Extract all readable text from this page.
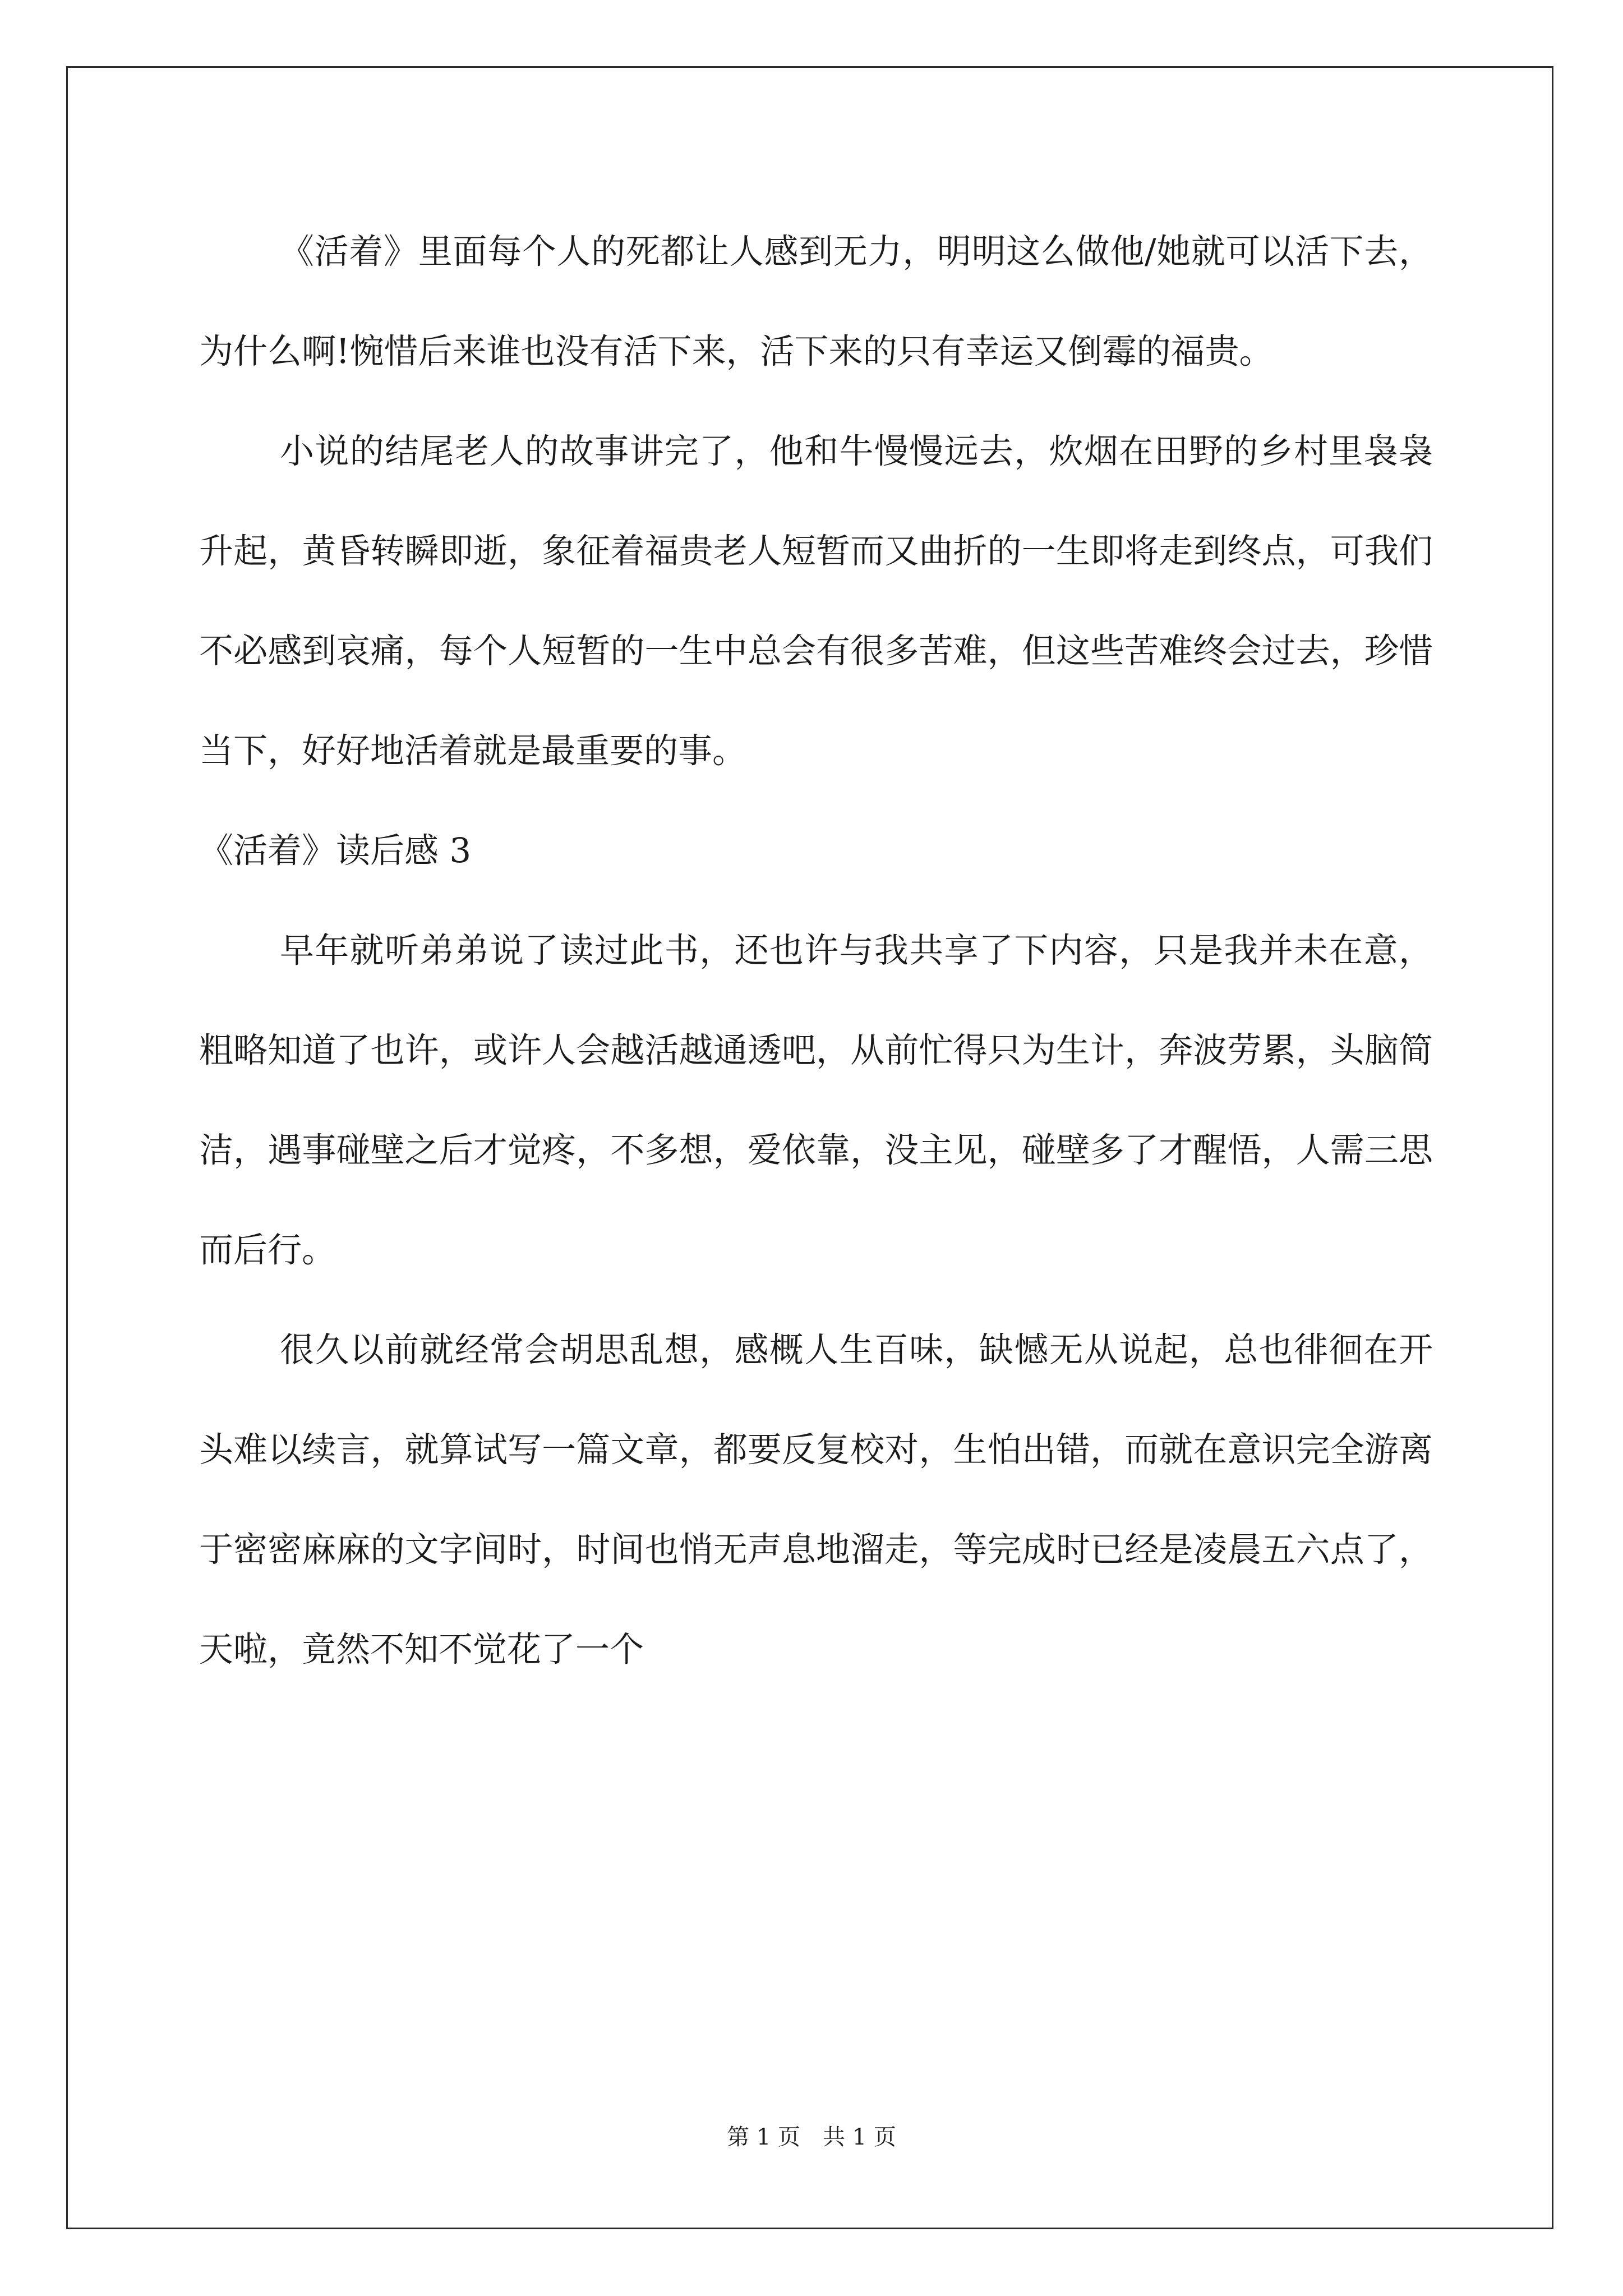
《活着》里面每个人的死都让人感到无力，明明这么做他/她就可以活下去，为什么啊!惋惜后来谁也没有活下来，活下来的只有幸运又倒霉的福贵。

小说的结尾老人的故事讲完了，他和牛慢慢远去，炊烟在田野的乡村里袅袅升起，黄昏转瞬即逝，象征着福贵老人短暂而又曲折的一生即将走到终点，可我们不必感到哀痛，每个人短暂的一生中总会有很多苦难，但这些苦难终会过去，珍惜当下，好好地活着就是最重要的事。

《活着》读后感 3

早年就听弟弟说了读过此书，还也许与我共享了下内容，只是我并未在意，粗略知道了也许，或许人会越活越通透吧，从前忙得只为生计，奔波劳累，头脑简洁，遇事碰壁之后才觉疼，不多想，爱依靠，没主见，碰壁多了才醒悟，人需三思而后行。

很久以前就经常会胡思乱想，感概人生百味，缺憾无从说起，总也徘徊在开头难以续言，就算试写一篇文章，都要反复校对，生怕出错，而就在意识完全游离于密密麻麻的文字间时，时间也悄无声息地溜走，等完成时已经是凌晨五六点了，天啦，竟然不知不觉花了一个

第 1 页　共 1 页
